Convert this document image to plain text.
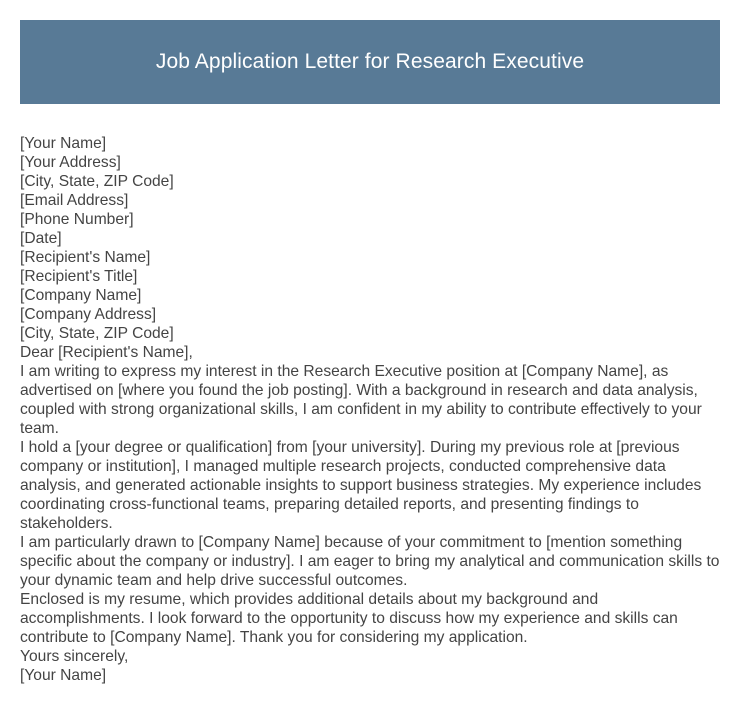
Job Application Letter for Research Executive
[Your Name]
[Your Address]
[City, State, ZIP Code]
[Email Address]
[Phone Number]
[Date]
[Recipient's Name]
[Recipient's Title]
[Company Name]
[Company Address]
[City, State, ZIP Code]
Dear [Recipient's Name],

I am writing to express my interest in the Research Executive position at [Company Name], as advertised on [where you found the job posting]. With a background in research and data analysis, coupled with strong organizational skills, I am confident in my ability to contribute effectively to your team.

I hold a [your degree or qualification] from [your university]. During my previous role at [previous company or institution], I managed multiple research projects, conducted comprehensive data analysis, and generated actionable insights to support business strategies. My experience includes coordinating cross-functional teams, preparing detailed reports, and presenting findings to stakeholders.

I am particularly drawn to [Company Name] because of your commitment to [mention something specific about the company or industry]. I am eager to bring my analytical and communication skills to your dynamic team and help drive successful outcomes.

Enclosed is my resume, which provides additional details about my background and accomplishments. I look forward to the opportunity to discuss how my experience and skills can contribute to [Company Name]. Thank you for considering my application.

Yours sincerely,
[Your Name]
